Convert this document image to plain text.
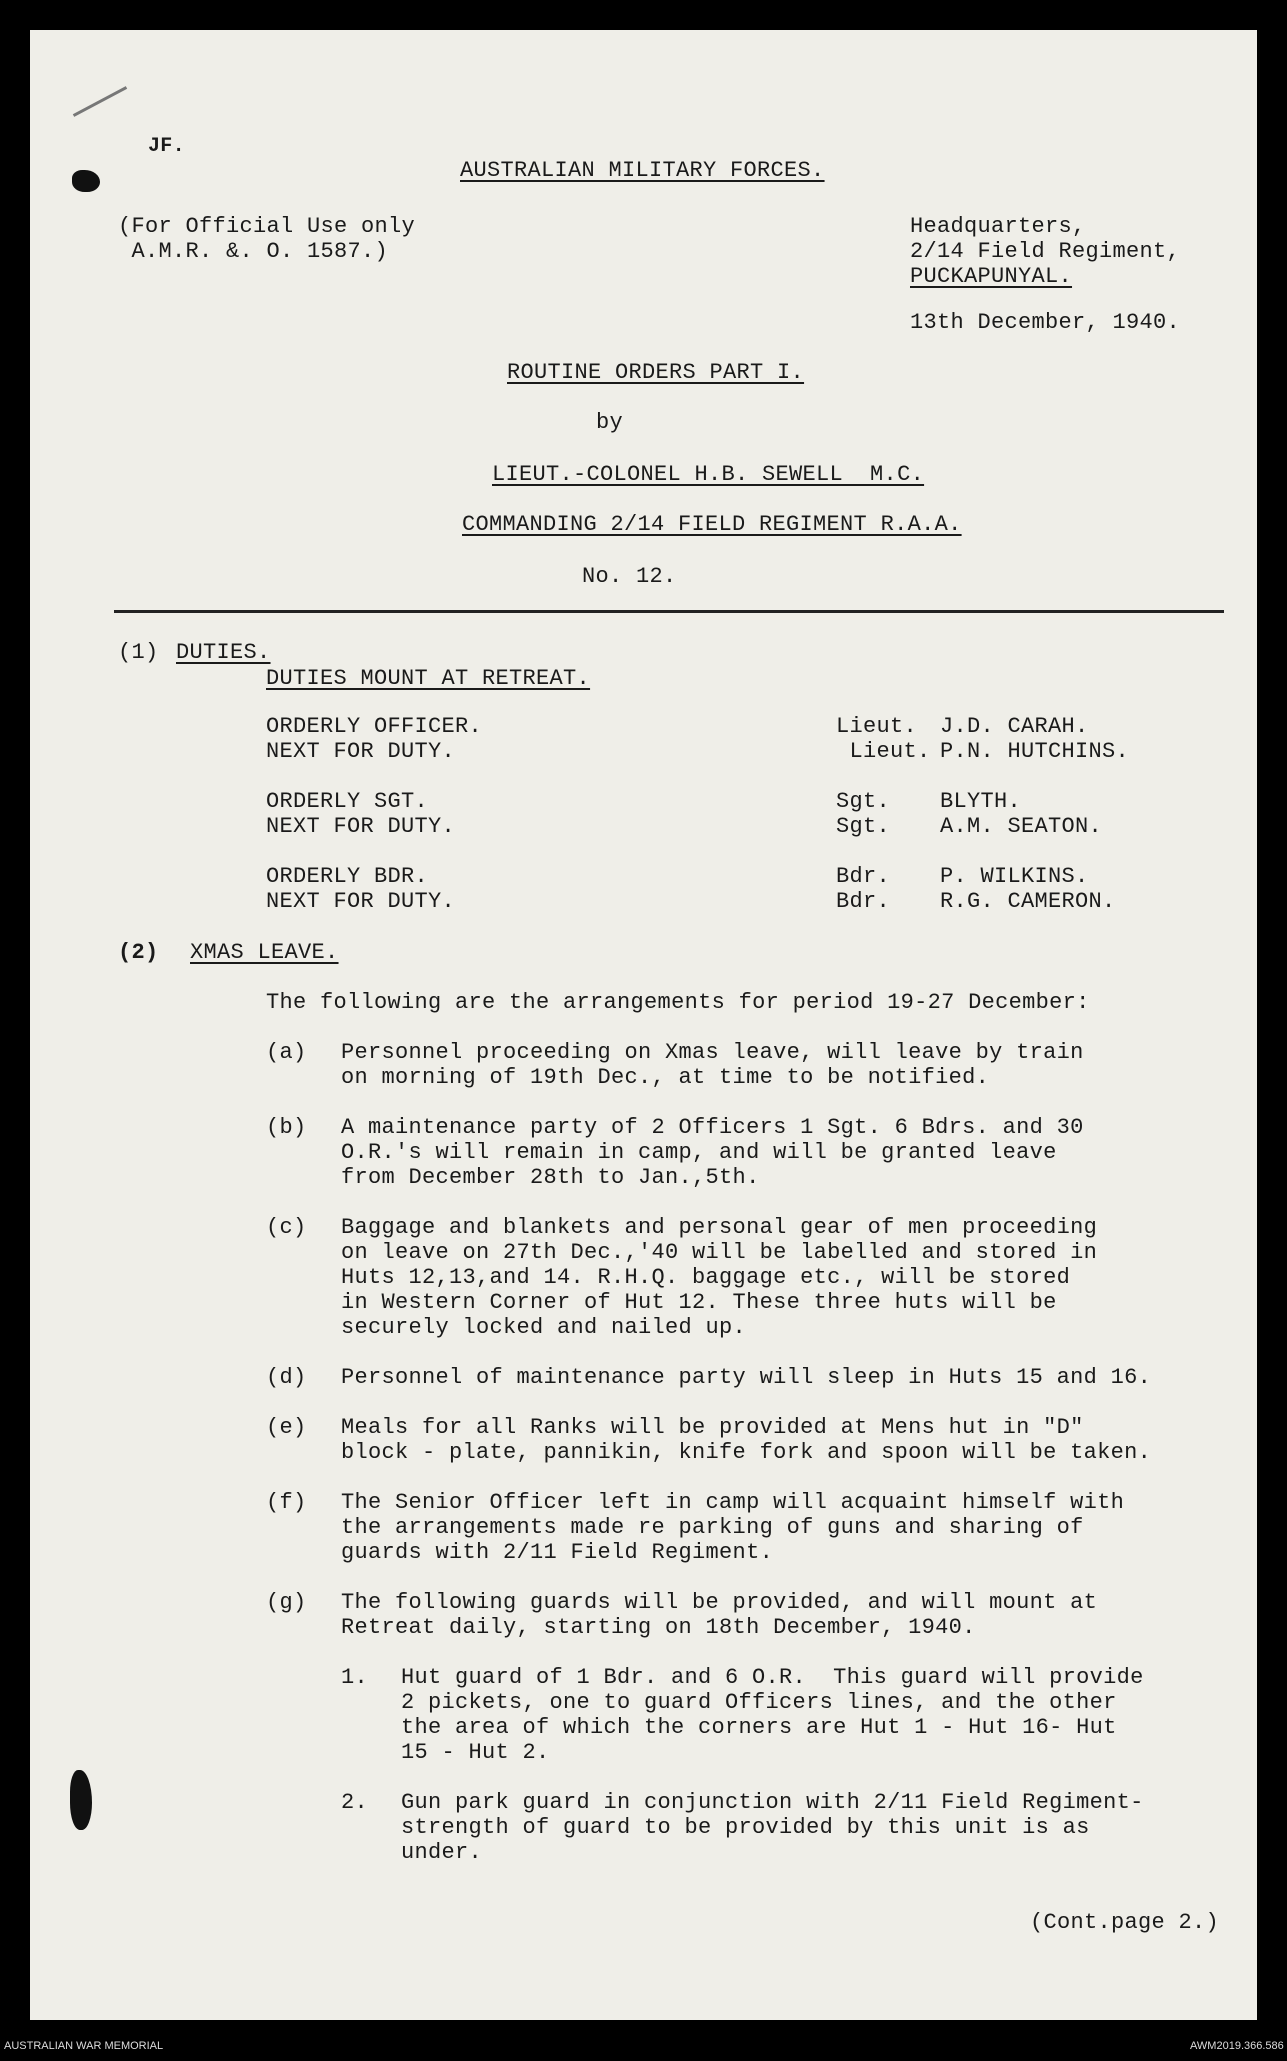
JF.
AUSTRALIAN MILITARY FORCES.
(For Official Use only
A.M.R. &. O. 1587.)
Headquarters,
2/14 Field Regiment,
PUCKAPUNYAL.
13th December, 1940.
ROUTINE ORDERS PART I.
by
LIEUT.-COLONEL H.B. SEWELL  M.C.
COMMANDING 2/14 FIELD REGIMENT R.A.A.
No. 12.
(1) DUTIES.
DUTIES MOUNT AT RETREAT.
ORDERLY OFFICER.	Lieut. J.D. CARAH.
NEXT FOR DUTY.	Lieut. P.N. HUTCHINS.
ORDERLY SGT.	Sgt. BLYTH.
NEXT FOR DUTY.	Sgt. A.M. SEATON.
ORDERLY BDR.	Bdr. P. WILKINS.
NEXT FOR DUTY.	Bdr. R.G. CAMERON.
(2) XMAS LEAVE.
The following are the arrangements for period 19-27 December:
(a) Personnel proceeding on Xmas leave, will leave by train
on morning of 19th Dec., at time to be notified.
(b) A maintenance party of 2 Officers 1 Sgt. 6 Bdrs. and 30
O.R.'s will remain in camp, and will be granted leave
from December 28th to Jan.,5th.
(c) Baggage and blankets and personal gear of men proceeding
on leave on 27th Dec.,'40 will be labelled and stored in
Huts 12,13,and 14. R.H.Q. baggage etc., will be stored
in Western Corner of Hut 12. These three huts will be
securely locked and nailed up.
(d) Personnel of maintenance party will sleep in Huts 15 and 16.
(e) Meals for all Ranks will be provided at Mens hut in "D"
block - plate, pannikin, knife fork and spoon will be taken.
(f) The Senior Officer left in camp will acquaint himself with
the arrangements made re parking of guns and sharing of
guards with 2/11 Field Regiment.
(g) The following guards will be provided, and will mount at
Retreat daily, starting on 18th December, 1940.
1. Hut guard of 1 Bdr. and 6 O.R.  This guard will provide
2 pickets, one to guard Officers lines, and the other
the area of which the corners are Hut 1 - Hut 16- Hut
15 - Hut 2.
2. Gun park guard in conjunction with 2/11 Field Regiment-
strength of guard to be provided by this unit is as
under.
(Cont.page 2.)
AUSTRALIAN WAR MEMORIAL	AWM2019.366.586
